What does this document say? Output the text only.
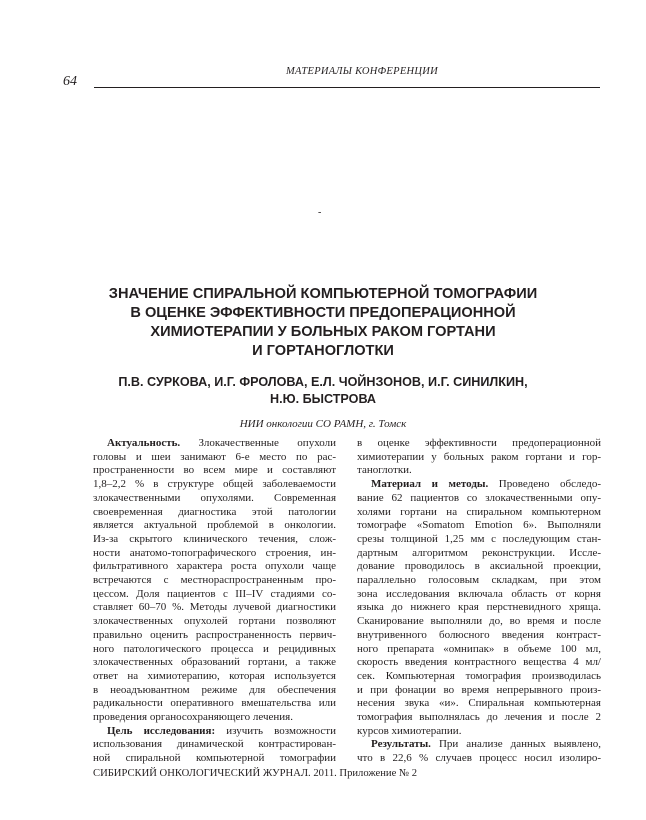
МАТЕРИАЛЫ КОНФЕРЕНЦИИ
64
-
ЗНАЧЕНИЕ СПИРАЛЬНОЙ КОМПЬЮТЕРНОЙ ТОМОГРАФИИ
В ОЦЕНКЕ ЭФФЕКТИВНОСТИ ПРЕДОПЕРАЦИОННОЙ
ХИМИОТЕРАПИИ У БОЛЬНЫХ РАКОМ ГОРТАНИ
И ГОРТАНОГЛОТКИ
П.В. СУРКОВА, И.Г. ФРОЛОВА, Е.Л. ЧОЙНЗОНОВ, И.Г. СИНИЛКИН,
Н.Ю. БЫСТРОВА
НИИ онкологии СО РАМН, г. Томск
Актуальность. Злокачественные опухоли
головы и шеи занимают 6-е место по рас-
пространенности во всем мире и составляют
1,8–2,2 % в структуре общей заболеваемости
злокачественными опухолями. Современная
своевременная диагностика этой патологии
является актуальной проблемой в онкологии.
Из-за скрытого клинического течения, слож-
ности анатомо-топографического строения, ин-
фильтративного характера роста опухоли чаще
встречаются с местнораспространенным про-
цессом. Доля пациентов с III–IV стадиями со-
ставляет 60–70 %. Методы лучевой диагностики
злокачественных опухолей гортани позволяют
правильно оценить распространенность первич-
ного патологического процесса и рецидивных
злокачественных образований гортани, а также
ответ на химиотерапию, которая используется
в неоадъювантном режиме для обеспечения
радикальности оперативного вмешательства или
проведения органосохраняющего лечения.
Цель исследования: изучить возможности
использования динамической контрастирован-
ной спиральной компьютерной томографии
в оценке эффективности предоперационной
химиотерапии у больных раком гортани и гор-
таноглотки.
Материал и методы. Проведено обследо-
вание 62 пациентов со злокачественными опу-
холями гортани на спиральном компьютерном
томографе «Somatom Emotion 6». Выполняли
срезы толщиной 1,25 мм с последующим стан-
дартным алгоритмом реконструкции. Иссле-
дование проводилось в аксиальной проекции,
параллельно голосовым складкам, при этом
зона исследования включала область от корня
языка до нижнего края перстневидного хряща.
Сканирование выполняли до, во время и после
внутривенного болюсного введения контраст-
ного препарата «омнипак» в объеме 100 мл,
скорость введения контрастного вещества 4 мл/
сек. Компьютерная томография производилась
и при фонации во время непрерывного произ-
несения звука «и». Спиральная компьютерная
томография выполнялась до лечения и после 2
курсов химиотерапии.
Результаты. При анализе данных выявлено,
что в 22,6 % случаев процесс носил изолиро-
СИБИРСКИЙ ОНКОЛОГИЧЕСКИЙ ЖУРНАЛ. 2011. Приложение № 2
